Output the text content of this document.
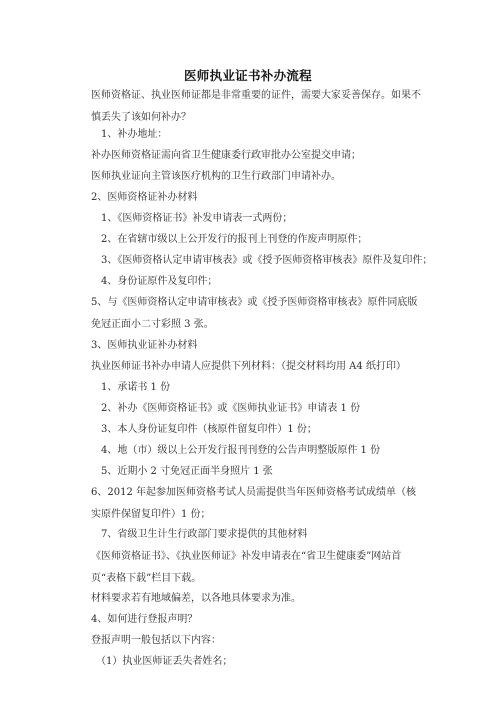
医师执业证书补办流程
医师资格证、执业医师证都是非常重要的证件，需要大家妥善保存。如果不慎丢失了该如何补办？
1、补办地址：
补办医师资格证需向省卫生健康委行政审批办公室提交申请；
医师执业证向主管该医疗机构的卫生行政部门申请补办。
2、医师资格证补办材料
1、《医师资格证书》补发申请表一式两份；
2、在省辖市级以上公开发行的报刊上刊登的作废声明原件；
3、《医师资格认定申请审核表》或《授予医师资格审核表》原件及复印件；
4、身份证原件及复印件；
5、与《医师资格认定申请审核表》或《授予医师资格审核表》原件同底版免冠正面小二寸彩照 3 张。
3、医师执业证补办材料
执业医师证书补办申请人应提供下列材料：（提交材料均用 A4 纸打印）
1、承诺书 1 份
2、补办《医师资格证书》或《医师执业证书》申请表 1 份
3、本人身份证复印件（核原件留复印件）1 份；
4、地（市）级以上公开发行报刊刊登的公告声明整版原件 1 份
5、近期小 2 寸免冠正面半身照片 1 张
6、2012 年起参加医师资格考试人员需提供当年医师资格考试成绩单（核实原件保留复印件）1 份；
7、省级卫生计生行政部门要求提供的其他材料
《医师资格证书》、《执业医师证》补发申请表在“省卫生健康委”网站首页“表格下载”栏目下载。
材料要求若有地域偏差，以各地具体要求为准。
4、如何进行登报声明？
登报声明一般包括以下内容：
（1）执业医师证丢失者姓名；
